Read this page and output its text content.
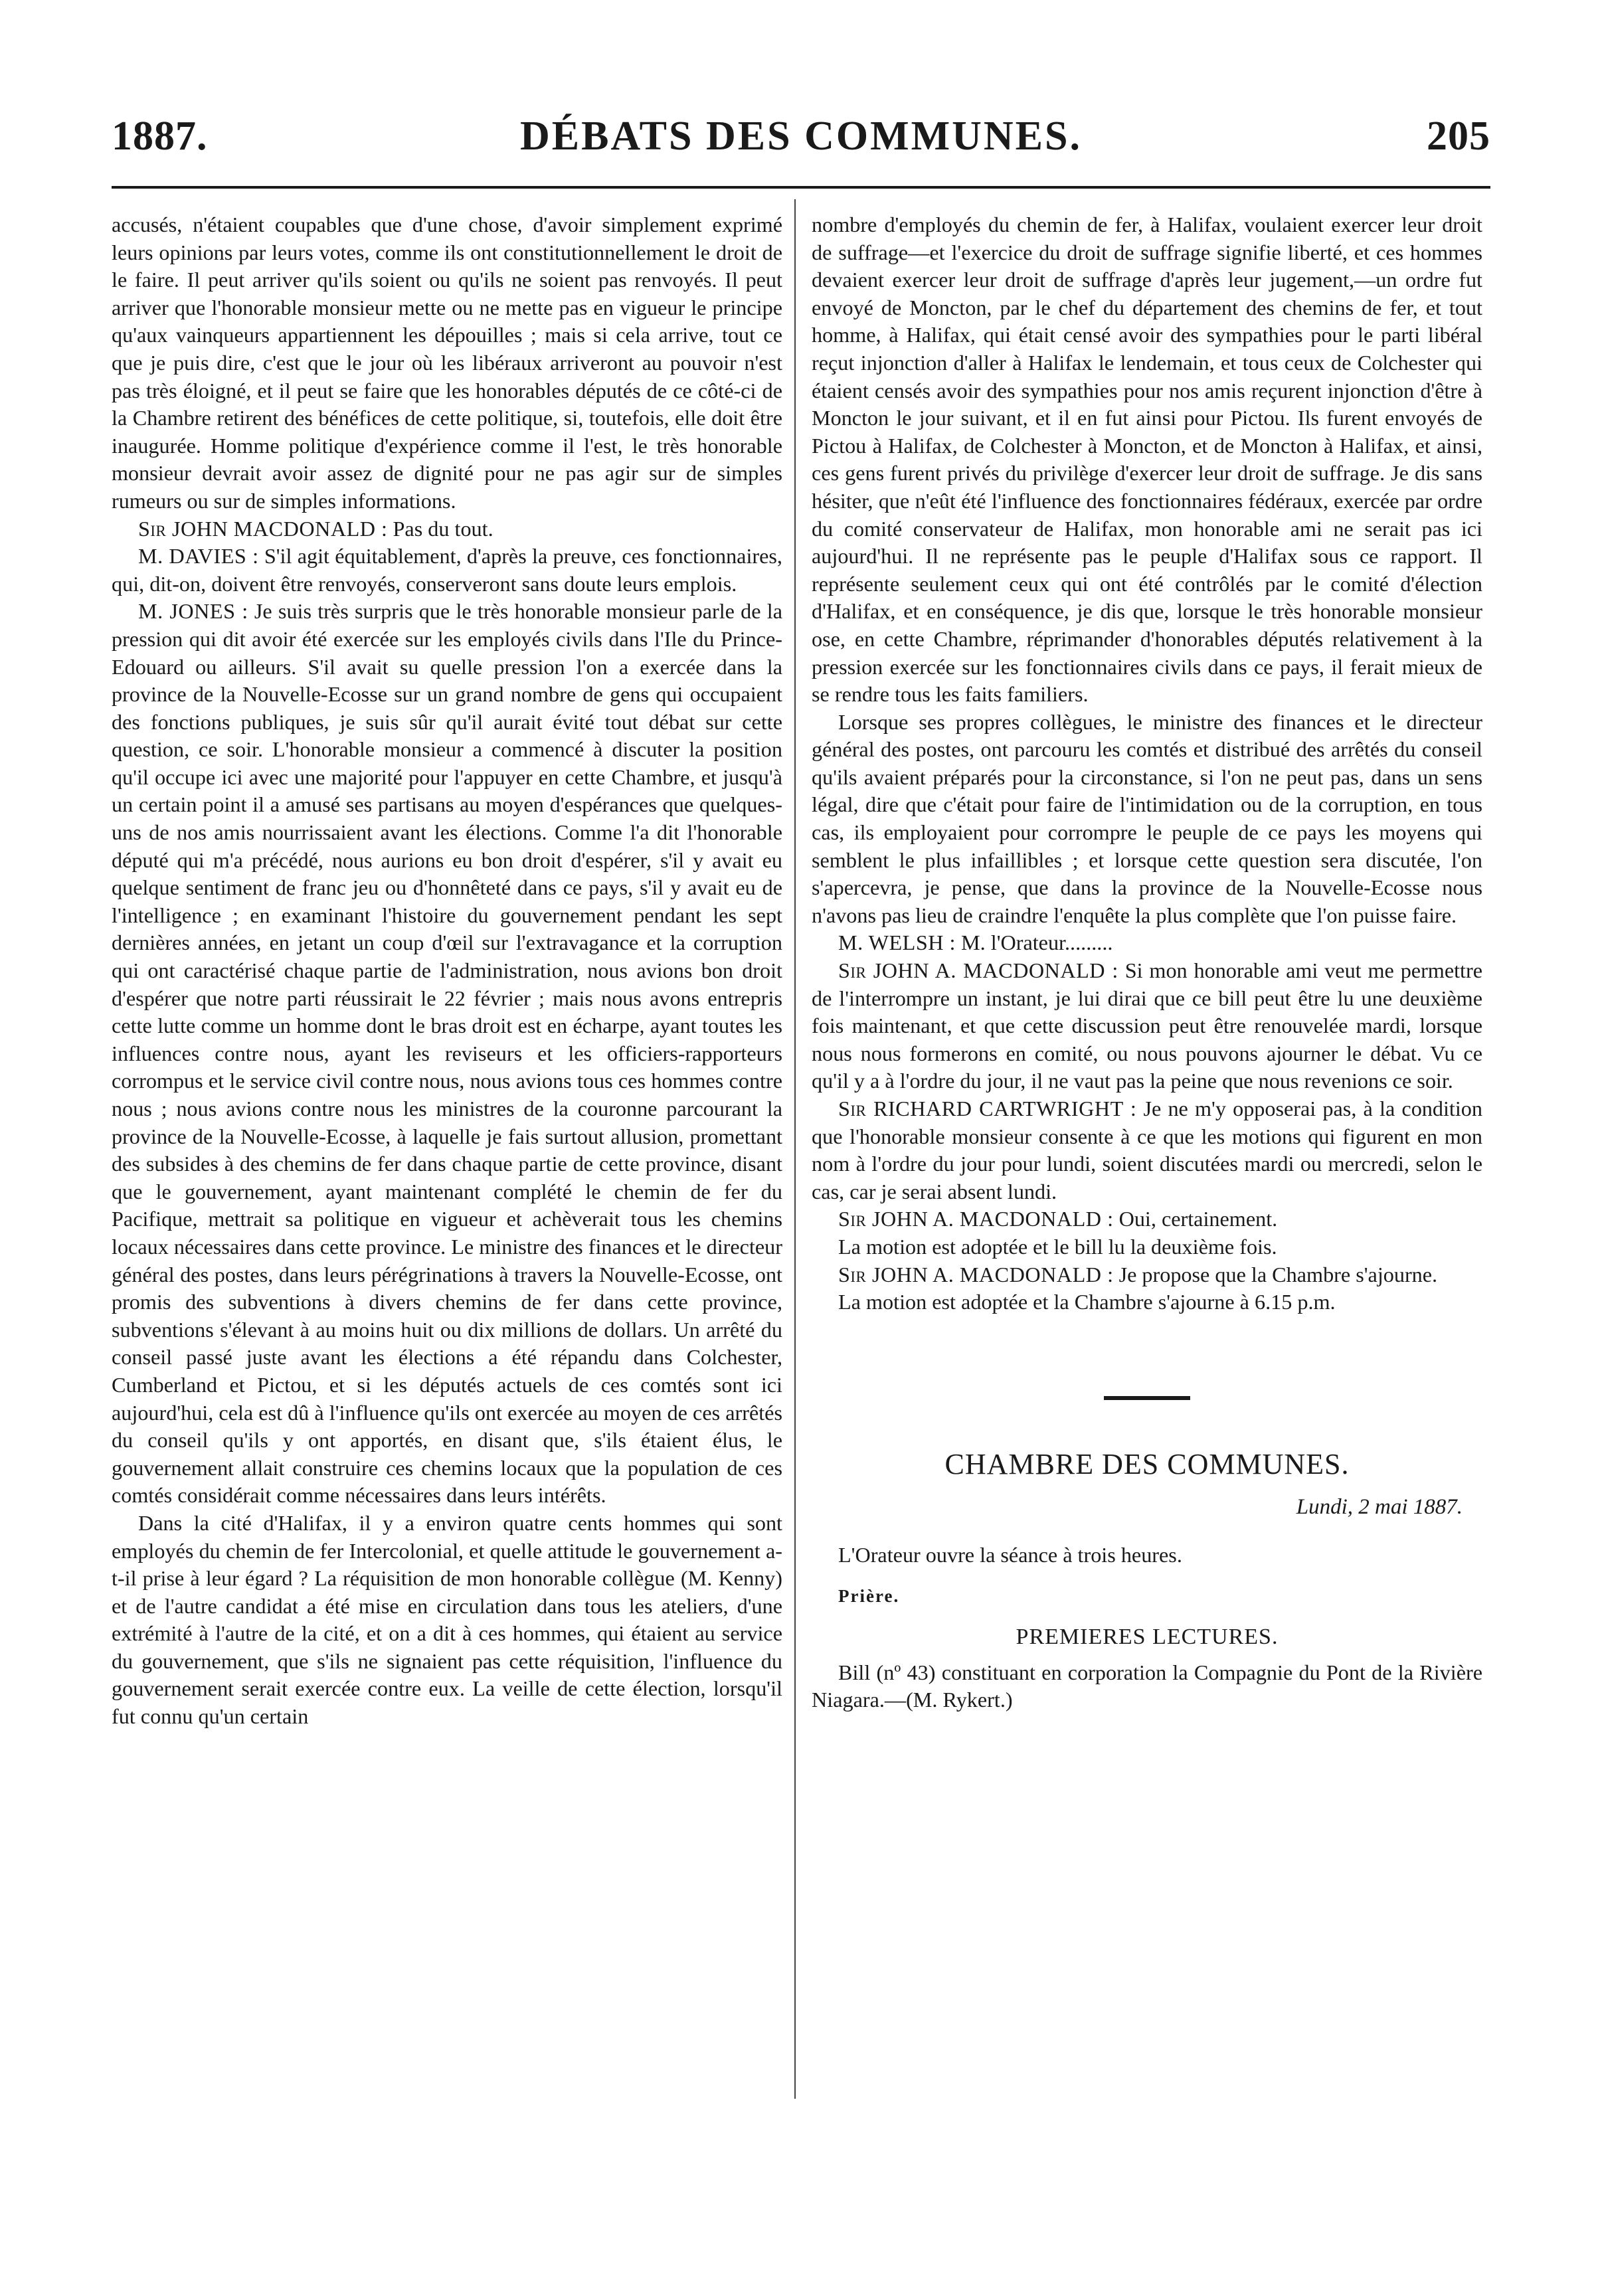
1887.	DÉBATS DES COMMUNES.	205

accusés, n'étaient coupables que d'une chose, d'avoir simplement exprimé leurs opinions par leurs votes, comme ils ont constitutionnellement le droit de le faire. Il peut arriver qu'ils soient ou qu'ils ne soient pas renvoyés. Il peut arriver que l'honorable monsieur mette ou ne mette pas en vigueur le principe qu'aux vainqueurs appartiennent les dépouilles ; mais si cela arrive, tout ce que je puis dire, c'est que le jour où les libéraux arriveront au pouvoir n'est pas très éloigné, et il peut se faire que les honorables députés de ce côté-ci de la Chambre retirent des bénéfices de cette politique, si, toutefois, elle doit être inaugurée. Homme politique d'expérience comme il l'est, le très honorable monsieur devrait avoir assez de dignité pour ne pas agir sur de simples rumeurs ou sur de simples informations.

Sir JOHN MACDONALD : Pas du tout.

M. DAVIES : S'il agit équitablement, d'après la preuve, ces fonctionnaires, qui, dit-on, doivent être renvoyés, conserveront sans doute leurs emplois.

M. JONES : Je suis très surpris que le très honorable monsieur parle de la pression qui dit avoir été exercée sur les employés civils dans l'Ile du Prince-Edouard ou ailleurs. S'il avait su quelle pression l'on a exercée dans la province de la Nouvelle-Ecosse sur un grand nombre de gens qui occupaient des fonctions publiques, je suis sûr qu'il aurait évité tout débat sur cette question, ce soir. L'honorable monsieur a commencé à discuter la position qu'il occupe ici avec une majorité pour l'appuyer en cette Chambre, et jusqu'à un certain point il a amusé ses partisans au moyen d'espérances que quelques-uns de nos amis nourrissaient avant les élections. Comme l'a dit l'honorable député qui m'a précédé, nous aurions eu bon droit d'espérer, s'il y avait eu quelque sentiment de franc jeu ou d'honnêteté dans ce pays, s'il y avait eu de l'intelligence ; en examinant l'histoire du gouvernement pendant les sept dernières années, en jetant un coup d'œil sur l'extravagance et la corruption qui ont caractérisé chaque partie de l'administration, nous avions bon droit d'espérer que notre parti réussirait le 22 février ; mais nous avons entrepris cette lutte comme un homme dont le bras droit est en écharpe, ayant toutes les influences contre nous, ayant les reviseurs et les officiers-rapporteurs corrompus et le service civil contre nous, nous avions tous ces hommes contre nous ; nous avions contre nous les ministres de la couronne parcourant la province de la Nouvelle-Ecosse, à laquelle je fais surtout allusion, promettant des subsides à des chemins de fer dans chaque partie de cette province, disant que le gouvernement, ayant maintenant complété le chemin de fer du Pacifique, mettrait sa politique en vigueur et achèverait tous les chemins locaux nécessaires dans cette province. Le ministre des finances et le directeur général des postes, dans leurs pérégrinations à travers la Nouvelle-Ecosse, ont promis des subventions à divers chemins de fer dans cette province, subventions s'élevant à au moins huit ou dix millions de dollars. Un arrêté du conseil passé juste avant les élections a été répandu dans Colchester, Cumberland et Pictou, et si les députés actuels de ces comtés sont ici aujourd'hui, cela est dû à l'influence qu'ils ont exercée au moyen de ces arrêtés du conseil qu'ils y ont apportés, en disant que, s'ils étaient élus, le gouvernement allait construire ces chemins locaux que la population de ces comtés considérait comme nécessaires dans leurs intérêts.

Dans la cité d'Halifax, il y a environ quatre cents hommes qui sont employés du chemin de fer Intercolonial, et quelle attitude le gouvernement a-t-il prise à leur égard ? La réquisition de mon honorable collègue (M. Kenny) et de l'autre candidat a été mise en circulation dans tous les ateliers, d'une extrémité à l'autre de la cité, et on a dit à ces hommes, qui étaient au service du gouvernement, que s'ils ne signaient pas cette réquisition, l'influence du gouvernement serait exercée contre eux. La veille de cette élection, lorsqu'il fut connu qu'un certain

nombre d'employés du chemin de fer, à Halifax, voulaient exercer leur droit de suffrage—et l'exercice du droit de suffrage signifie liberté, et ces hommes devaient exercer leur droit de suffrage d'après leur jugement,—un ordre fut envoyé de Moncton, par le chef du département des chemins de fer, et tout homme, à Halifax, qui était censé avoir des sympathies pour le parti libéral reçut injonction d'aller à Halifax le lendemain, et tous ceux de Colchester qui étaient censés avoir des sympathies pour nos amis reçurent injonction d'être à Moncton le jour suivant, et il en fut ainsi pour Pictou. Ils furent envoyés de Pictou à Halifax, de Colchester à Moncton, et de Moncton à Halifax, et ainsi, ces gens furent privés du privilège d'exercer leur droit de suffrage. Je dis sans hésiter, que n'eût été l'influence des fonctionnaires fédéraux, exercée par ordre du comité conservateur de Halifax, mon honorable ami ne serait pas ici aujourd'hui. Il ne représente pas le peuple d'Halifax sous ce rapport. Il représente seulement ceux qui ont été contrôlés par le comité d'élection d'Halifax, et en conséquence, je dis que, lorsque le très honorable monsieur ose, en cette Chambre, réprimander d'honorables députés relativement à la pression exercée sur les fonctionnaires civils dans ce pays, il ferait mieux de se rendre tous les faits familiers.

Lorsque ses propres collègues, le ministre des finances et le directeur général des postes, ont parcouru les comtés et distribué des arrêtés du conseil qu'ils avaient préparés pour la circonstance, si l'on ne peut pas, dans un sens légal, dire que c'était pour faire de l'intimidation ou de la corruption, en tous cas, ils employaient pour corrompre le peuple de ce pays les moyens qui semblent le plus infaillibles ; et lorsque cette question sera discutée, l'on s'apercevra, je pense, que dans la province de la Nouvelle-Ecosse nous n'avons pas lieu de craindre l'enquête la plus complète que l'on puisse faire.

M. WELSH : M. l'Orateur.........

Sir JOHN A. MACDONALD : Si mon honorable ami veut me permettre de l'interrompre un instant, je lui dirai que ce bill peut être lu une deuxième fois maintenant, et que cette discussion peut être renouvelée mardi, lorsque nous nous formerons en comité, ou nous pouvons ajourner le débat. Vu ce qu'il y a à l'ordre du jour, il ne vaut pas la peine que nous revenions ce soir.

Sir RICHARD CARTWRIGHT : Je ne m'y opposerai pas, à la condition que l'honorable monsieur consente à ce que les motions qui figurent en mon nom à l'ordre du jour pour lundi, soient discutées mardi ou mercredi, selon le cas, car je serai absent lundi.

Sir JOHN A. MACDONALD : Oui, certainement.

La motion est adoptée et le bill lu la deuxième fois.

Sir JOHN A. MACDONALD : Je propose que la Chambre s'ajourne.

La motion est adoptée et la Chambre s'ajourne à 6.15 p.m.

CHAMBRE DES COMMUNES.
Lundi, 2 mai 1887.

L'Orateur ouvre la séance à trois heures.

Prière.

PREMIERES LECTURES.

Bill (nº 43) constituant en corporation la Compagnie du Pont de la Rivière Niagara.—(M. Rykert.)
